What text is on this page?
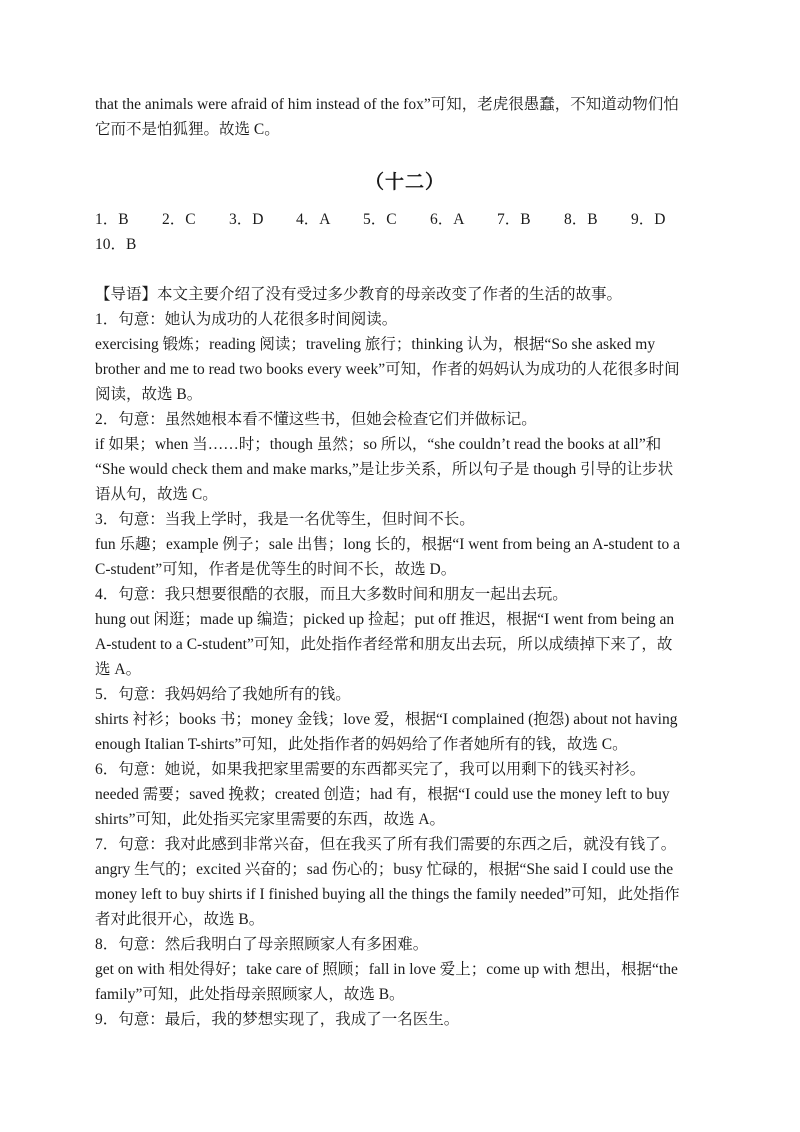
that the animals were afraid of him instead of the fox”可知，老虎很愚蠢，不知道动物们怕

它而不是怕狐狸。故选 C。

（十二）
1．B	2．C	3．D	4．A	5．C	6．A	7．B	8．B	9．D
10．B

【导语】本文主要介绍了没有受过多少教育的母亲改变了作者的生活的故事。

1．句意：她认为成功的人花很多时间阅读。

exercising 锻炼；reading 阅读；traveling 旅行；thinking 认为，根据“So she asked my

brother and me to read two books every week”可知，作者的妈妈认为成功的人花很多时间

阅读，故选 B。

2．句意：虽然她根本看不懂这些书，但她会检查它们并做标记。

if 如果；when 当……时；though 虽然；so 所以，“she couldn’t read the books at all”和

“She would check them and make marks,”是让步关系，所以句子是 though 引导的让步状

语从句，故选 C。

3．句意：当我上学时，我是一名优等生，但时间不长。

fun 乐趣；example 例子；sale 出售；long 长的，根据“I went from being an A-student to a

C-student”可知，作者是优等生的时间不长，故选 D。

4．句意：我只想要很酷的衣服，而且大多数时间和朋友一起出去玩。

hung out 闲逛；made up 编造；picked up 捡起；put off 推迟，根据“I went from being an

A-student to a C-student”可知，此处指作者经常和朋友出去玩，所以成绩掉下来了，故

选 A。

5．句意：我妈妈给了我她所有的钱。

shirts 衬衫；books 书；money 金钱；love 爱，根据“I complained (抱怨) about not having

enough Italian T-shirts”可知，此处指作者的妈妈给了作者她所有的钱，故选 C。

6．句意：她说，如果我把家里需要的东西都买完了，我可以用剩下的钱买衬衫。

needed 需要；saved 挽救；created 创造；had 有，根据“I could use the money left to buy

shirts”可知，此处指买完家里需要的东西，故选 A。

7．句意：我对此感到非常兴奋，但在我买了所有我们需要的东西之后，就没有钱了。

angry 生气的；excited 兴奋的；sad 伤心的；busy 忙碌的，根据“She said I could use the

money left to buy shirts if I finished buying all the things the family needed”可知，此处指作

者对此很开心，故选 B。

8．句意：然后我明白了母亲照顾家人有多困难。

get on with 相处得好；take care of 照顾；fall in love 爱上；come up with 想出，根据“the

family”可知，此处指母亲照顾家人，故选 B。

9．句意：最后，我的梦想实现了，我成了一名医生。
